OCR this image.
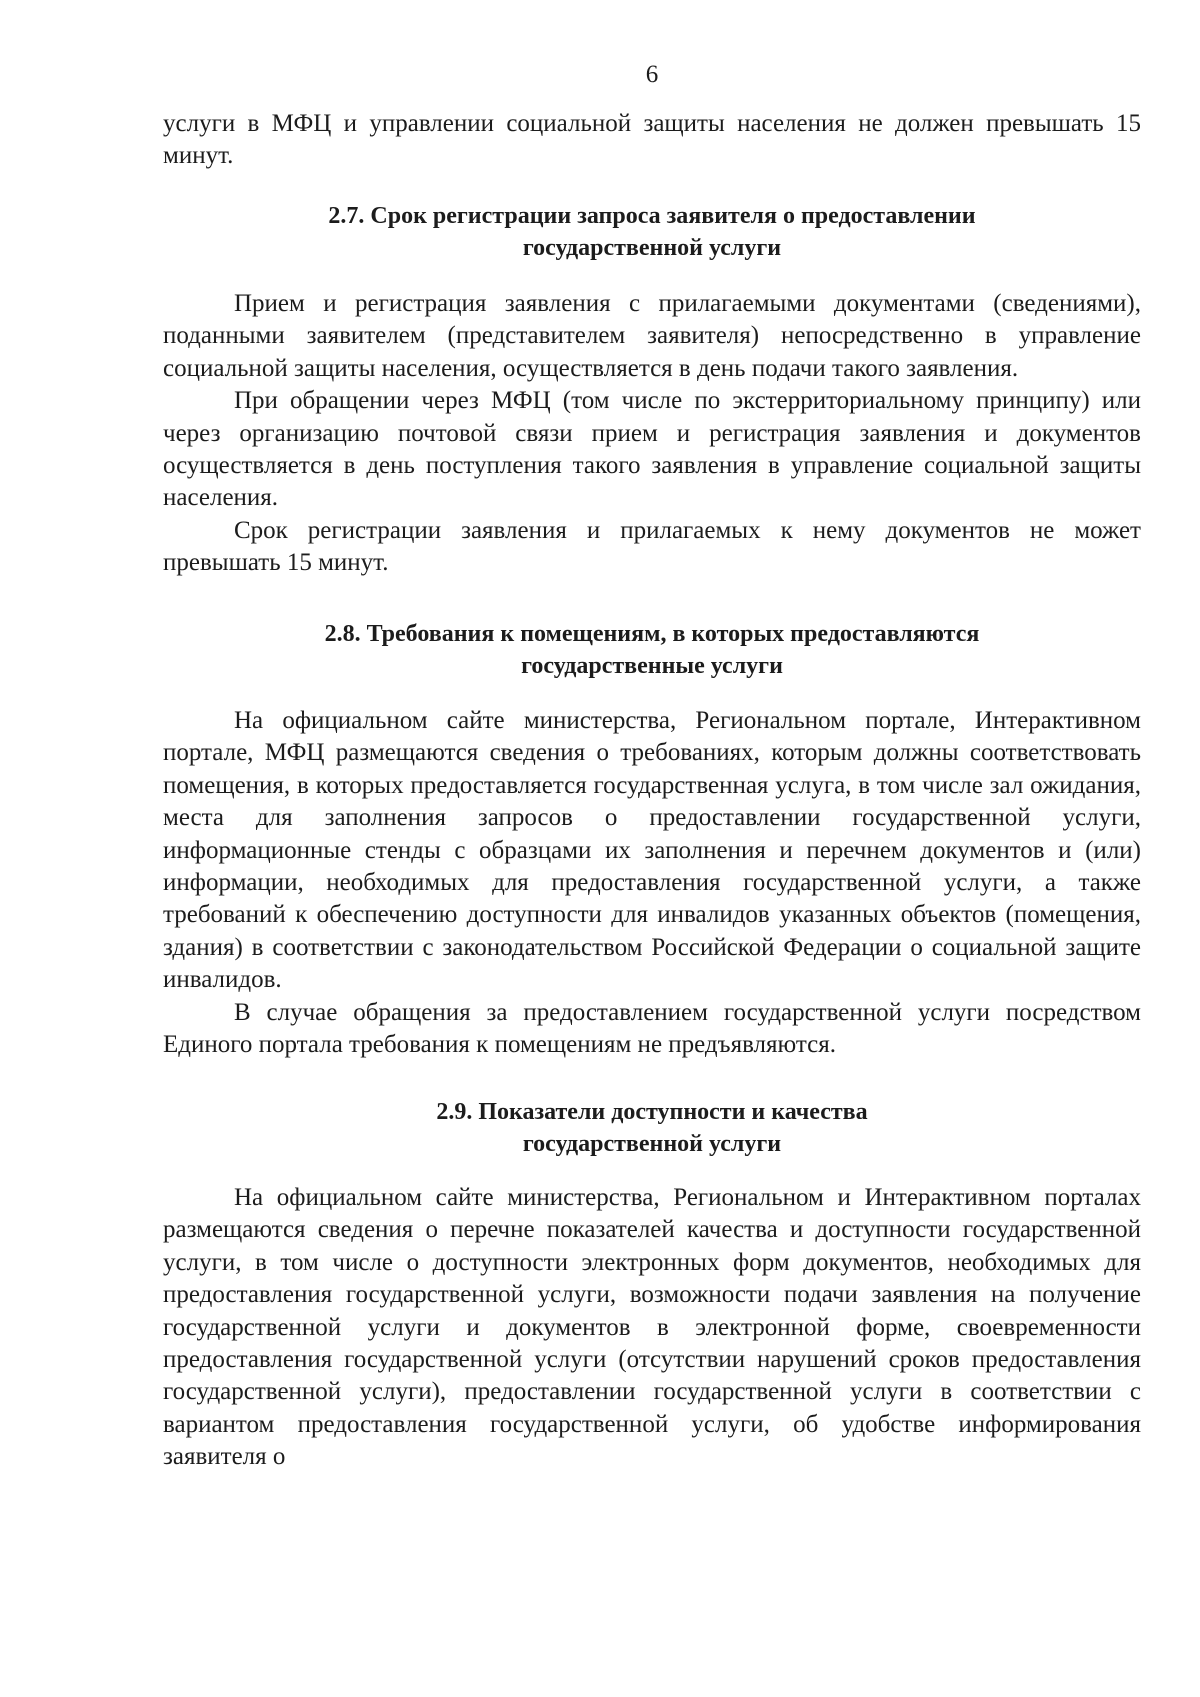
6

услуги в МФЦ и управлении социальной защиты населения не должен превышать 15 минут.

2.7. Срок регистрации запроса заявителя о предоставлении
государственной услуги

Прием и регистрация заявления с прилагаемыми документами (сведениями), поданными заявителем (представителем заявителя) непосредственно в управление социальной защиты населения, осуществляется в день подачи такого заявления.

При обращении через МФЦ (том числе по экстерриториальному принципу) или через организацию почтовой связи прием и регистрация заявления и документов осуществляется в день поступления такого заявления в управление социальной защиты населения.

Срок регистрации заявления и прилагаемых к нему документов не может превышать 15 минут.

2.8. Требования к помещениям, в которых предоставляются
государственные услуги

На официальном сайте министерства, Региональном портале, Интерактивном портале, МФЦ размещаются сведения о требованиях, которым должны соответствовать помещения, в которых предоставляется государственная услуга, в том числе зал ожидания, места для заполнения запросов о предоставлении государственной услуги, информационные стенды с образцами их заполнения и перечнем документов и (или) информации, необходимых для предоставления государственной услуги, а также требований к обеспечению доступности для инвалидов указанных объектов (помещения, здания) в соответствии с законодательством Российской Федерации о социальной защите инвалидов.

В случае обращения за предоставлением государственной услуги посредством Единого портала требования к помещениям не предъявляются.

2.9. Показатели доступности и качества
государственной услуги

На официальном сайте министерства, Региональном и Интерактивном порталах размещаются сведения о перечне показателей качества и доступности государственной услуги, в том числе о доступности электронных форм документов, необходимых для предоставления государственной услуги, возможности подачи заявления на получение государственной услуги и документов в электронной форме, своевременности предоставления государственной услуги (отсутствии нарушений сроков предоставления государственной услуги), предоставлении государственной услуги в соответствии с вариантом предоставления государственной услуги, об удобстве информирования заявителя о
